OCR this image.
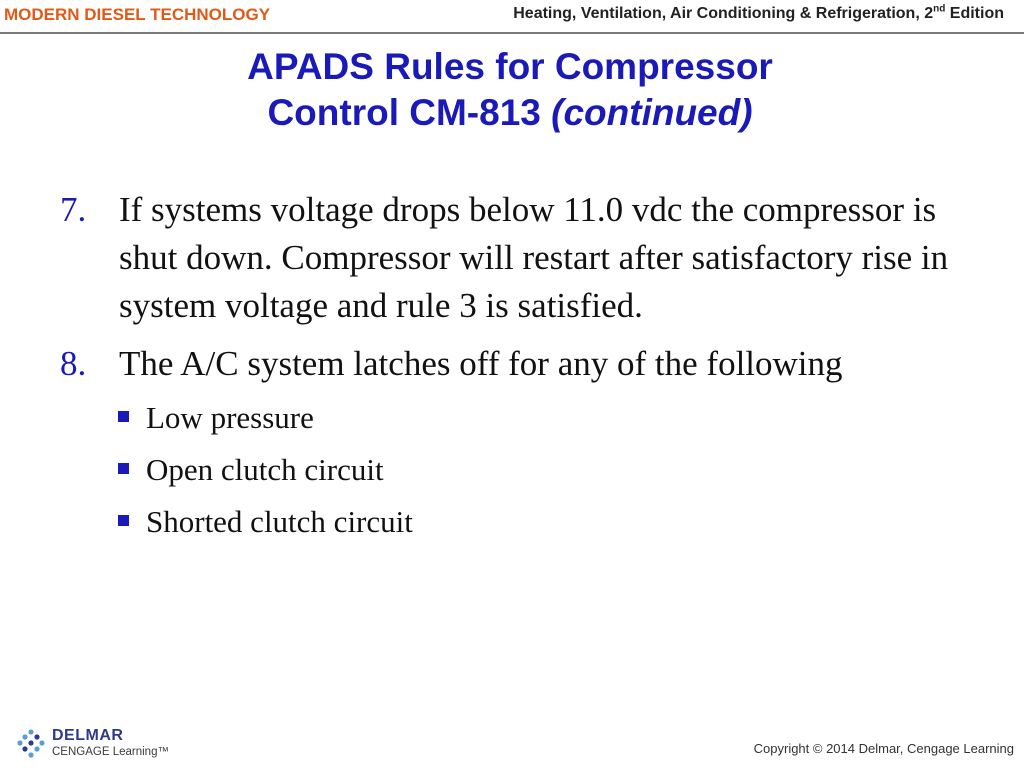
MODERN DIESEL TECHNOLOGY	Heating, Ventilation, Air Conditioning & Refrigeration, 2nd Edition
APADS Rules for Compressor
Control CM-813 (continued)
7. If systems voltage drops below 11.0 vdc the compressor is shut down. Compressor will restart after satisfactory rise in system voltage and rule 3 is satisfied.
8. The A/C system latches off for any of the following
Low pressure
Open clutch circuit
Shorted clutch circuit
DELMAR
CENGAGE Learning™	Copyright © 2014 Delmar, Cengage Learning
